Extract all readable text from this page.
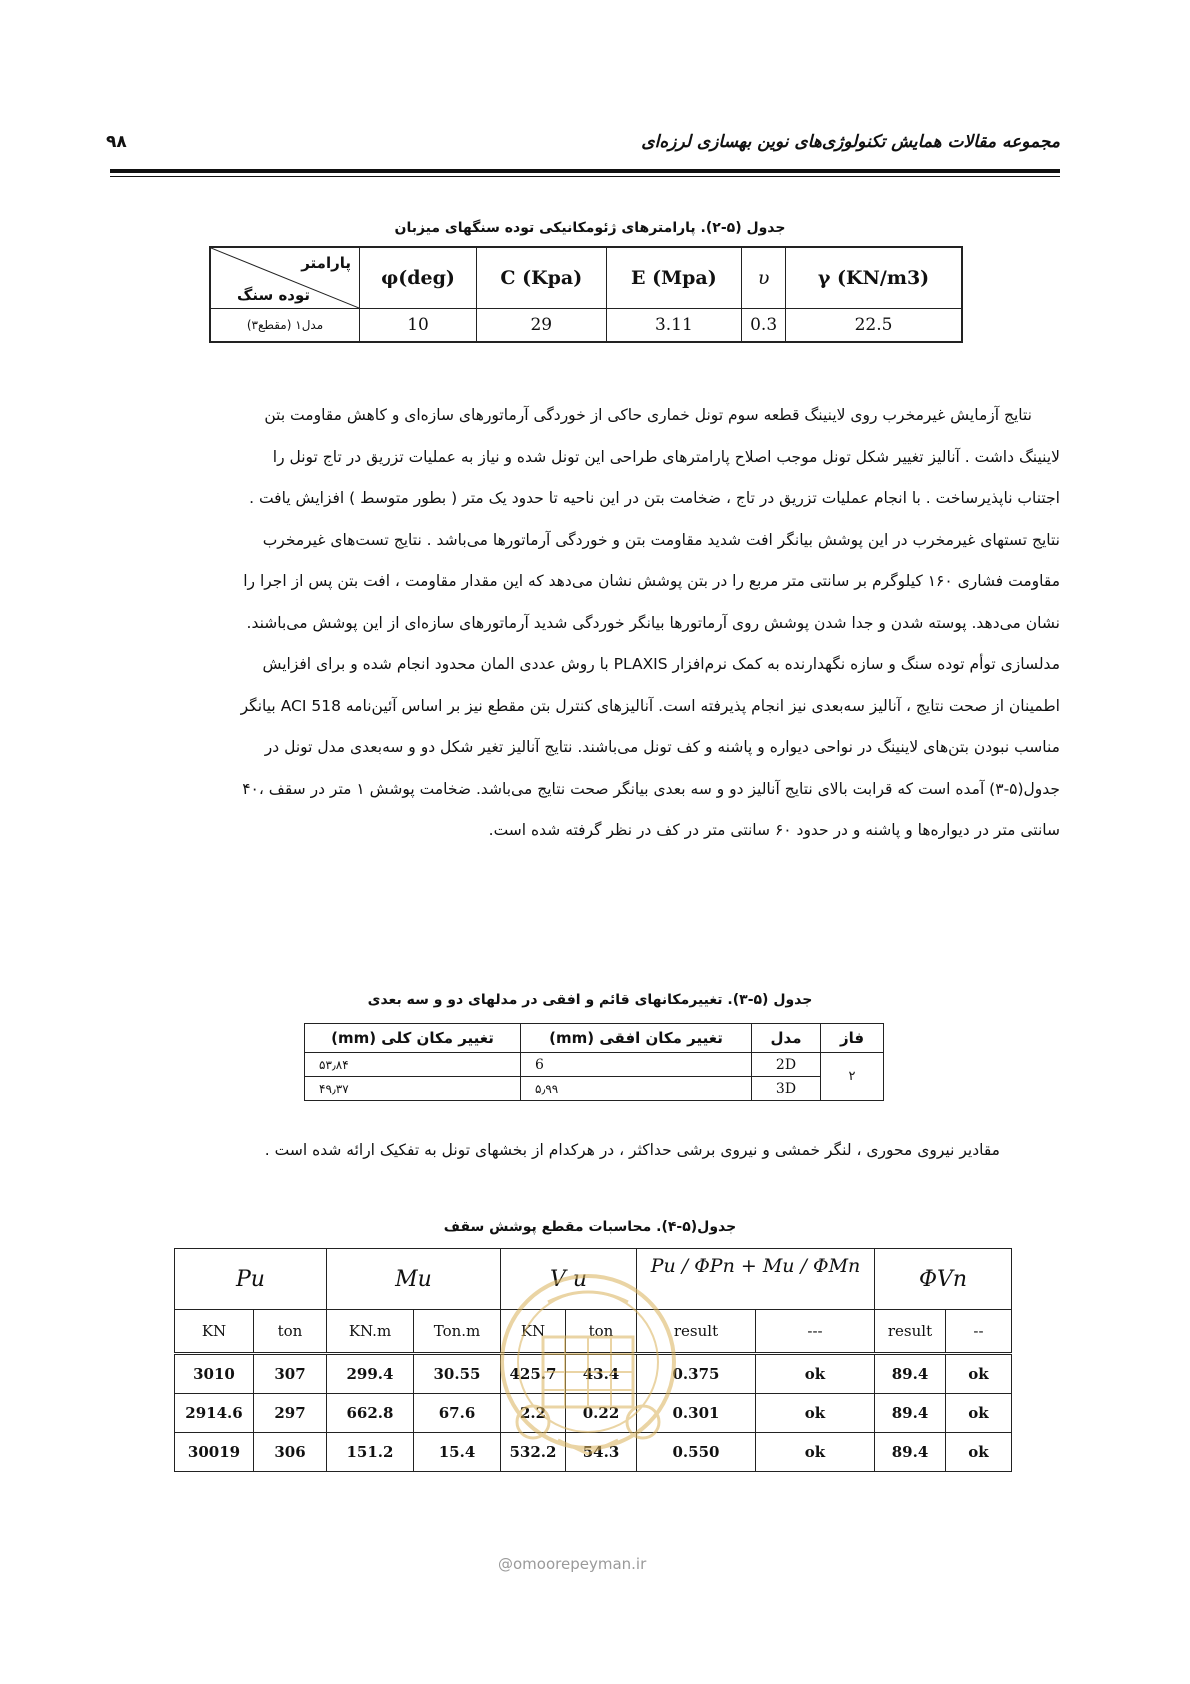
مجموعه مقالات همایش تکنولوژی‌های نوین بهسازی لرزه‌ای
۹۸
جدول (۵-۲). پارامترهای ژئومکانیکی توده سنگهای میزبان
پارامتر
توده سنگ	φ(deg)	C (Kpa)	E (Mpa)	υ	γ (KN/m3)
مدل۱ (مقطع۳)	10	29	3.11	0.3	22.5

نتایج آزمایش غیرمخرب روی لاینینگ قطعه سوم تونل خماری حاکی از خوردگی آرماتورهای سازه‌ای و کاهش مقاومت بتن

لاینینگ داشت . آنالیز تغییر شکل تونل موجب اصلاح پارامترهای طراحی این تونل شده و نیاز به عملیات تزریق در تاج تونل را

اجتناب ناپذیرساخت . با انجام عملیات تزریق در تاج ، ضخامت بتن در این ناحیه تا حدود یک متر ( بطور متوسط ) افزایش یافت .

نتایج تستهای غیرمخرب در این پوشش بیانگر افت شدید مقاومت بتن و خوردگی آرماتورها می‌باشد . نتایج تست‌های غیرمخرب

مقاومت فشاری ۱۶۰ کیلوگرم بر سانتی متر مربع را در بتن پوشش نشان می‌دهد که این مقدار مقاومت ، افت بتن پس از اجرا را

نشان می‌دهد. پوسته شدن و جدا شدن پوشش روی آرماتورها بیانگر خوردگی شدید آرماتورهای سازه‌ای از این پوشش می‌باشند.

مدلسازی توأم توده سنگ و سازه نگهدارنده به کمک نرم‌افزار PLAXIS با روش عددی المان محدود انجام شده و برای افزایش

اطمینان از صحت نتایج ، آنالیز سه‌بعدی نیز انجام پذیرفته است. آنالیزهای کنترل بتن مقطع نیز بر اساس آئین‌نامه ACI 518 بیانگر

مناسب نبودن بتن‌های لاینینگ در نواحی دیواره و پاشنه و کف تونل می‌باشند. نتایج آنالیز تغیر شکل دو و سه‌بعدی مدل تونل در

جدول(۵-۳) آمده است که قرابت بالای نتایج آنالیز دو و سه بعدی بیانگر صحت نتایج می‌باشد. ضخامت پوشش ۱ متر در سقف ،۴۰

سانتی متر در دیواره‌ها و پاشنه و در حدود ۶۰ سانتی متر در کف در نظر گرفته شده است.

جدول (۵-۳). تغییرمکانهای قائم و افقی در مدلهای دو و سه بعدی
فاز	مدل	تغییر مکان افقی (mm)	تغییر مکان کلی (mm)
۲	2D	6	۵۳٫۸۴
	3D	۵٫۹۹	۴۹٫۳۷
مقادیر نیروی محوری ، لنگر خمشی و نیروی برشی حداکثر ، در هرکدام از بخشهای تونل به تفکیک ارائه شده است .
جدول(۵-۴). محاسبات مقطع پوشش سقف
Pu		Mu		V u		Pu / ΦPn + Mu / ΦMn		ΦVn	
KN	ton	KN.m	Ton.m	KN	ton	result	---	result	--
3010	307	299.4	30.55	425.7	43.4	0.375	ok	89.4	ok
2914.6	297	662.8	67.6	2.2	0.22	0.301	ok	89.4	ok
30019	306	151.2	15.4	532.2	54.3	0.550	ok	89.4	ok
@omoorepeyman.ir
